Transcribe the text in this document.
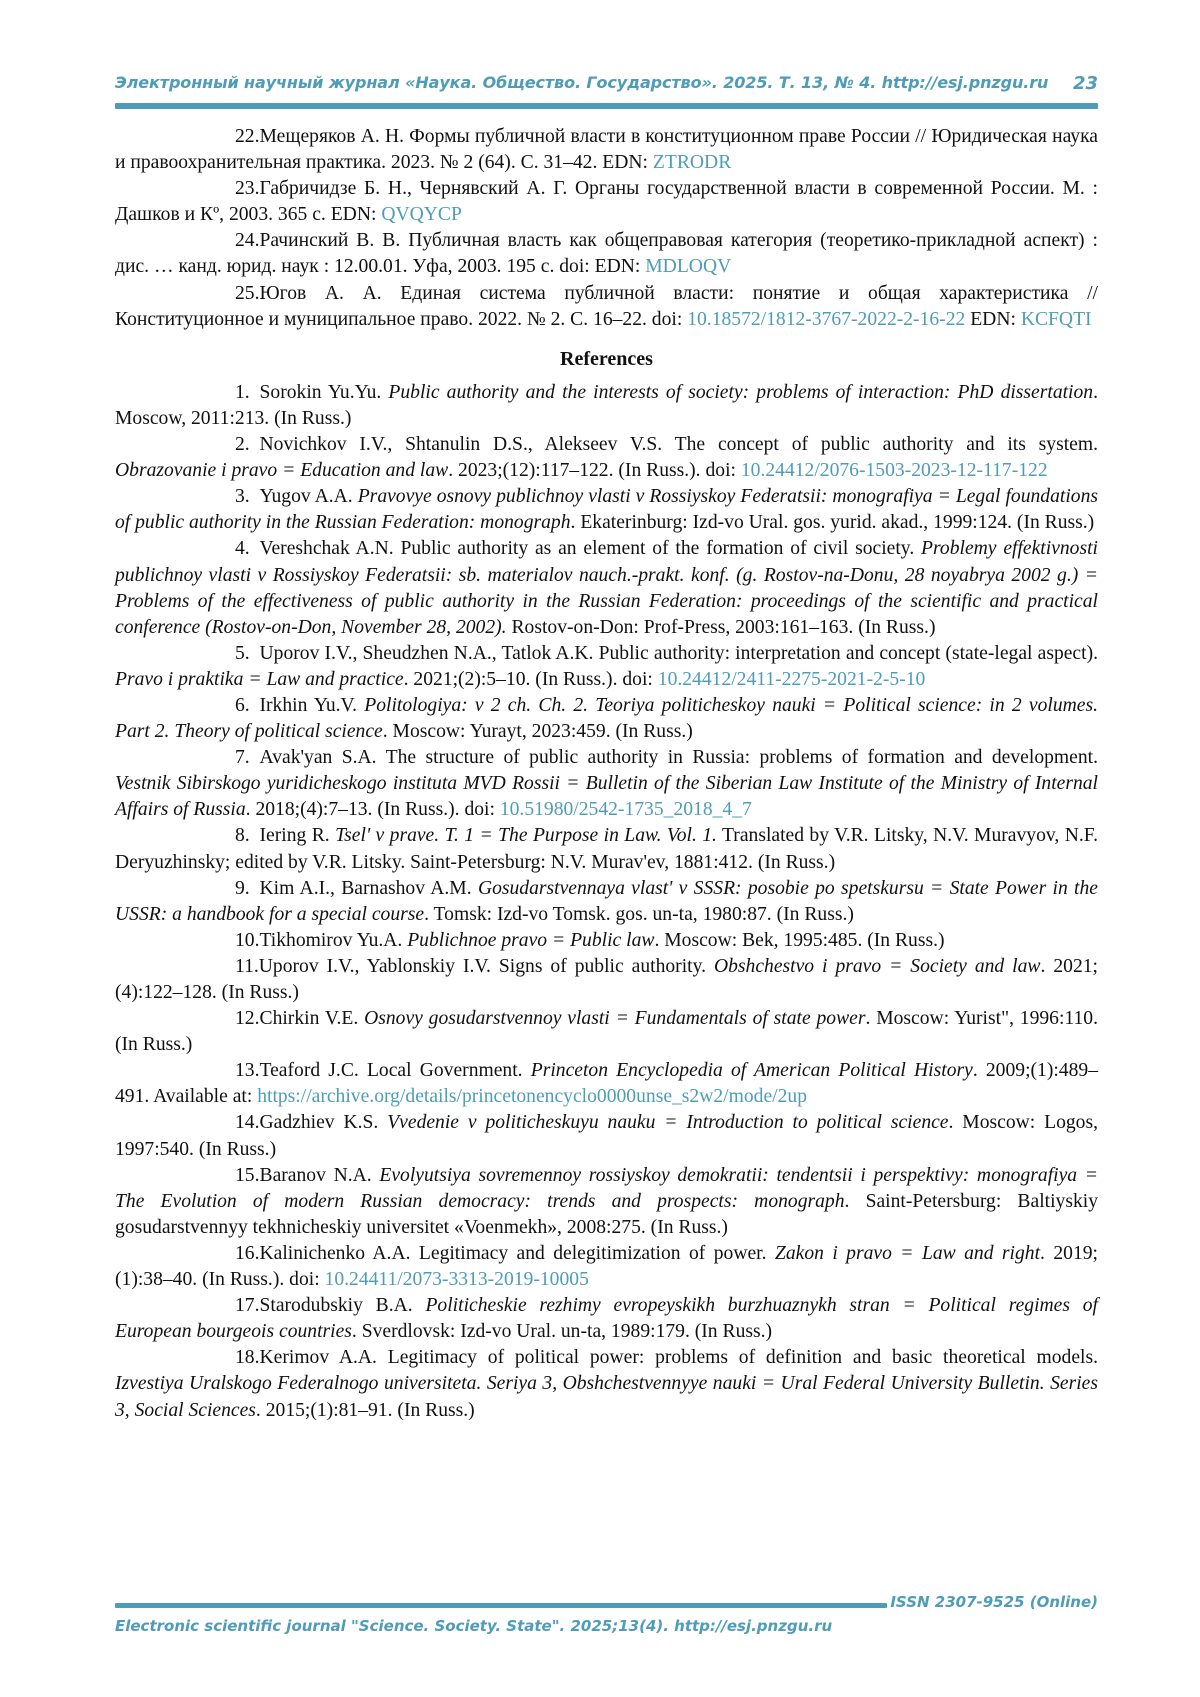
Электронный научный журнал «Наука. Общество. Государство». 2025. Т. 13, № 4. http://esj.pnzgu.ru 23

22.Мещеряков А. Н. Формы публичной власти в конституционном праве России // Юридическая наука и правоохранительная практика. 2023. № 2 (64). С. 31–42. EDN: ZTRODR

23.Габричидзе Б. Н., Чернявский А. Г. Органы государственной власти в современной России. М. : Дашков и Кº, 2003. 365 с. EDN: QVQYCP

24.Рачинский В. В. Публичная власть как общеправовая категория (теоретико-прикладной аспект) : дис. … канд. юрид. наук : 12.00.01. Уфа, 2003. 195 с. doi: EDN: MDLOQV

25.Югов А. А. Единая система публичной власти: понятие и общая характеристика // Конституционное и муниципальное право. 2022. № 2. С. 16–22. doi: 10.18572/1812-3767-2022-2-16-22 EDN: KCFQTI

References

1.  Sorokin Yu.Yu. Public authority and the interests of society: problems of interaction: PhD dissertation. Moscow, 2011:213. (In Russ.)

2.  Novichkov I.V., Shtanulin D.S., Alekseev V.S. The concept of public authority and its system. Obrazovanie i pravo = Education and law. 2023;(12):117–122. (In Russ.). doi: 10.24412/2076-1503-2023-12-117-122

3.  Yugov A.A. Pravovye osnovy publichnoy vlasti v Rossiyskoy Federatsii: monografiya = Legal foundations of public authority in the Russian Federation: monograph. Ekaterinburg: Izd-vo Ural. gos. yurid. akad., 1999:124. (In Russ.)

4.  Vereshchak A.N. Public authority as an element of the formation of civil society. Problemy effektivnosti publichnoy vlasti v Rossiyskoy Federatsii: sb. materialov nauch.-prakt. konf. (g. Rostov-na-Donu, 28 noyabrya 2002 g.) = Problems of the effectiveness of public authority in the Russian Federation: proceedings of the scientific and practical conference (Rostov-on-Don, November 28, 2002). Rostov-on-Don: Prof-Press, 2003:161–163. (In Russ.)

5.  Uporov I.V., Sheudzhen N.A., Tatlok A.K. Public authority: interpretation and concept (state-legal aspect). Pravo i praktika = Law and practice. 2021;(2):5–10. (In Russ.). doi: 10.24412/2411-2275-2021-2-5-10

6.  Irkhin Yu.V. Politologiya: v 2 ch. Ch. 2. Teoriya politicheskoy nauki = Political science: in 2 volumes. Part 2. Theory of political science. Moscow: Yurayt, 2023:459. (In Russ.)

7.  Avak'yan S.A. The structure of public authority in Russia: problems of formation and development. Vestnik Sibirskogo yuridicheskogo instituta MVD Rossii = Bulletin of the Siberian Law Institute of the Ministry of Internal Affairs of Russia. 2018;(4):7–13. (In Russ.). doi: 10.51980/2542-1735_2018_4_7

8.  Iering R. Tsel' v prave. T. 1 = The Purpose in Law. Vol. 1. Translated by V.R. Litsky, N.V. Muravyov, N.F. Deryuzhinsky; edited by V.R. Litsky. Saint-Petersburg: N.V. Murav'ev, 1881:412. (In Russ.)

9.  Kim A.I., Barnashov A.M. Gosudarstvennaya vlast' v SSSR: posobie po spetskursu = State Power in the USSR: a handbook for a special course. Tomsk: Izd-vo Tomsk. gos. un-ta, 1980:87. (In Russ.)

10.Tikhomirov Yu.A. Publichnoe pravo = Public law. Moscow: Bek, 1995:485. (In Russ.)

11.Uporov I.V., Yablonskiy I.V. Signs of public authority. Obshchestvo i pravo = Society and law. 2021;(4):122–128. (In Russ.)

12.Chirkin V.E. Osnovy gosudarstvennoy vlasti = Fundamentals of state power. Moscow: Yurist", 1996:110. (In Russ.)

13.Teaford J.C. Local Government. Princeton Encyclopedia of American Political History. 2009;(1):489–491. Available at: https://archive.org/details/princetonencyclo0000unse_s2w2/mode/2up

14.Gadzhiev K.S. Vvedenie v politicheskuyu nauku = Introduction to political science. Moscow: Logos, 1997:540. (In Russ.)

15.Baranov N.A. Evolyutsiya sovremennoy rossiyskoy demokratii: tendentsii i perspektivy: monografiya = The Evolution of modern Russian democracy: trends and prospects: monograph. Saint-Petersburg: Baltiyskiy gosudarstvennyy tekhnicheskiy universitet «Voenmekh», 2008:275. (In Russ.)

16.Kalinichenko A.A. Legitimacy and delegitimization of power. Zakon i pravo = Law and right. 2019;(1):38–40. (In Russ.). doi: 10.24411/2073-3313-2019-10005

17.Starodubskiy B.A. Politicheskie rezhimy evropeyskikh burzhuaznykh stran = Political regimes of European bourgeois countries. Sverdlovsk: Izd-vo Ural. un-ta, 1989:179. (In Russ.)

18.Kerimov A.A. Legitimacy of political power: problems of definition and basic theoretical models. Izvestiya Uralskogo Federalnogo universiteta. Seriya 3, Obshchestvennyye nauki = Ural Federal University Bulletin. Series 3, Social Sciences. 2015;(1):81–91. (In Russ.)

ISSN 2307-9525 (Online)
Electronic scientific journal "Science. Society. State". 2025;13(4). http://esj.pnzgu.ru
